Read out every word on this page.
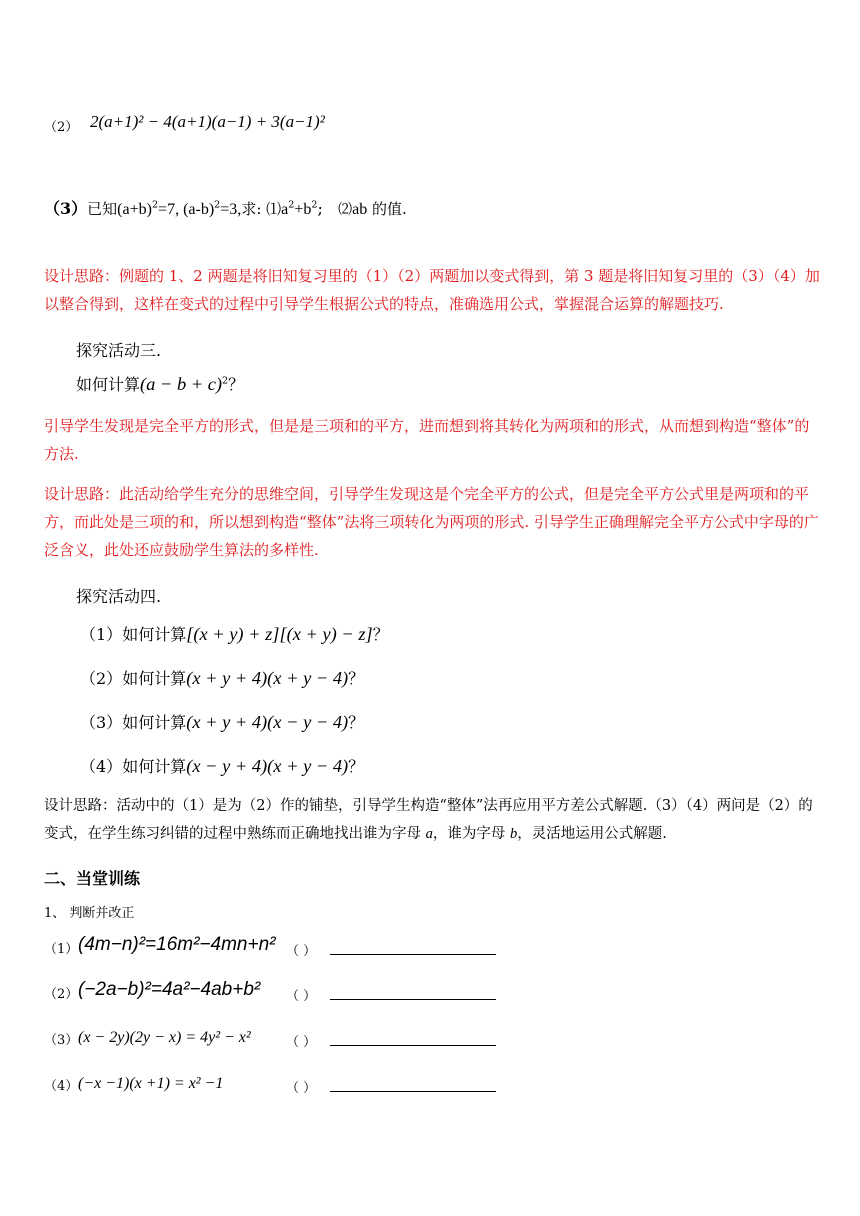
（2） 2(a+1)² − 4(a+1)(a−1) + 3(a−1)²
（3）已知$(a+b)^2=7$, $(a-b)^2=3$,求: $⑴a^2+b^2$; ⑵ab 的值.
设计思路：例题的 1、2 两题是将旧知复习里的（1）（2）两题加以变式得到，第 3 题是将旧知复习里的（3）（4）加以整合得到，这样在变式的过程中引导学生根据公式的特点，准确选用公式，掌握混合运算的解题技巧.
探究活动三.
如何计算$(a - b + c)^2$？
引导学生发现是完全平方的形式，但是是三项和的平方，进而想到将其转化为两项和的形式，从而想到构造“整体”的方法.
设计思路：此活动给学生充分的思维空间，引导学生发现这是个完全平方的公式，但是完全平方公式里是两项和的平方，而此处是三项的和，所以想到构造“整体”法将三项转化为两项的形式. 引导学生正确理解完全平方公式中字母的广泛含义，此处还应鼓励学生算法的多样性.
探究活动四.
（1）如何计算[(x + y) + z][(x + y) − z]？
（2）如何计算(x + y + 4)(x + y − 4)？
（3）如何计算(x + y + 4)(x − y − 4)？
（4）如何计算(x − y + 4)(x + y − 4)？
设计思路：活动中的（1）是为（2）作的铺垫，引导学生构造“整体”法再应用平方差公式解题.（3）（4）两问是（2）的变式，在学生练习纠错的过程中熟练而正确地找出谁为字母 a，谁为字母 b，灵活地运用公式解题.
二、当堂训练
1、 判断并改正
（1） (4m−n)²=16m²−4mn+n² （ ）
（2） (−2a−b)²=4a²−4ab+b² （ ）
（3） (x − 2y)(2y − x) = 4y² − x²	（ ）
（4） (−x −1)(x +1) = x² −1	（ ）
